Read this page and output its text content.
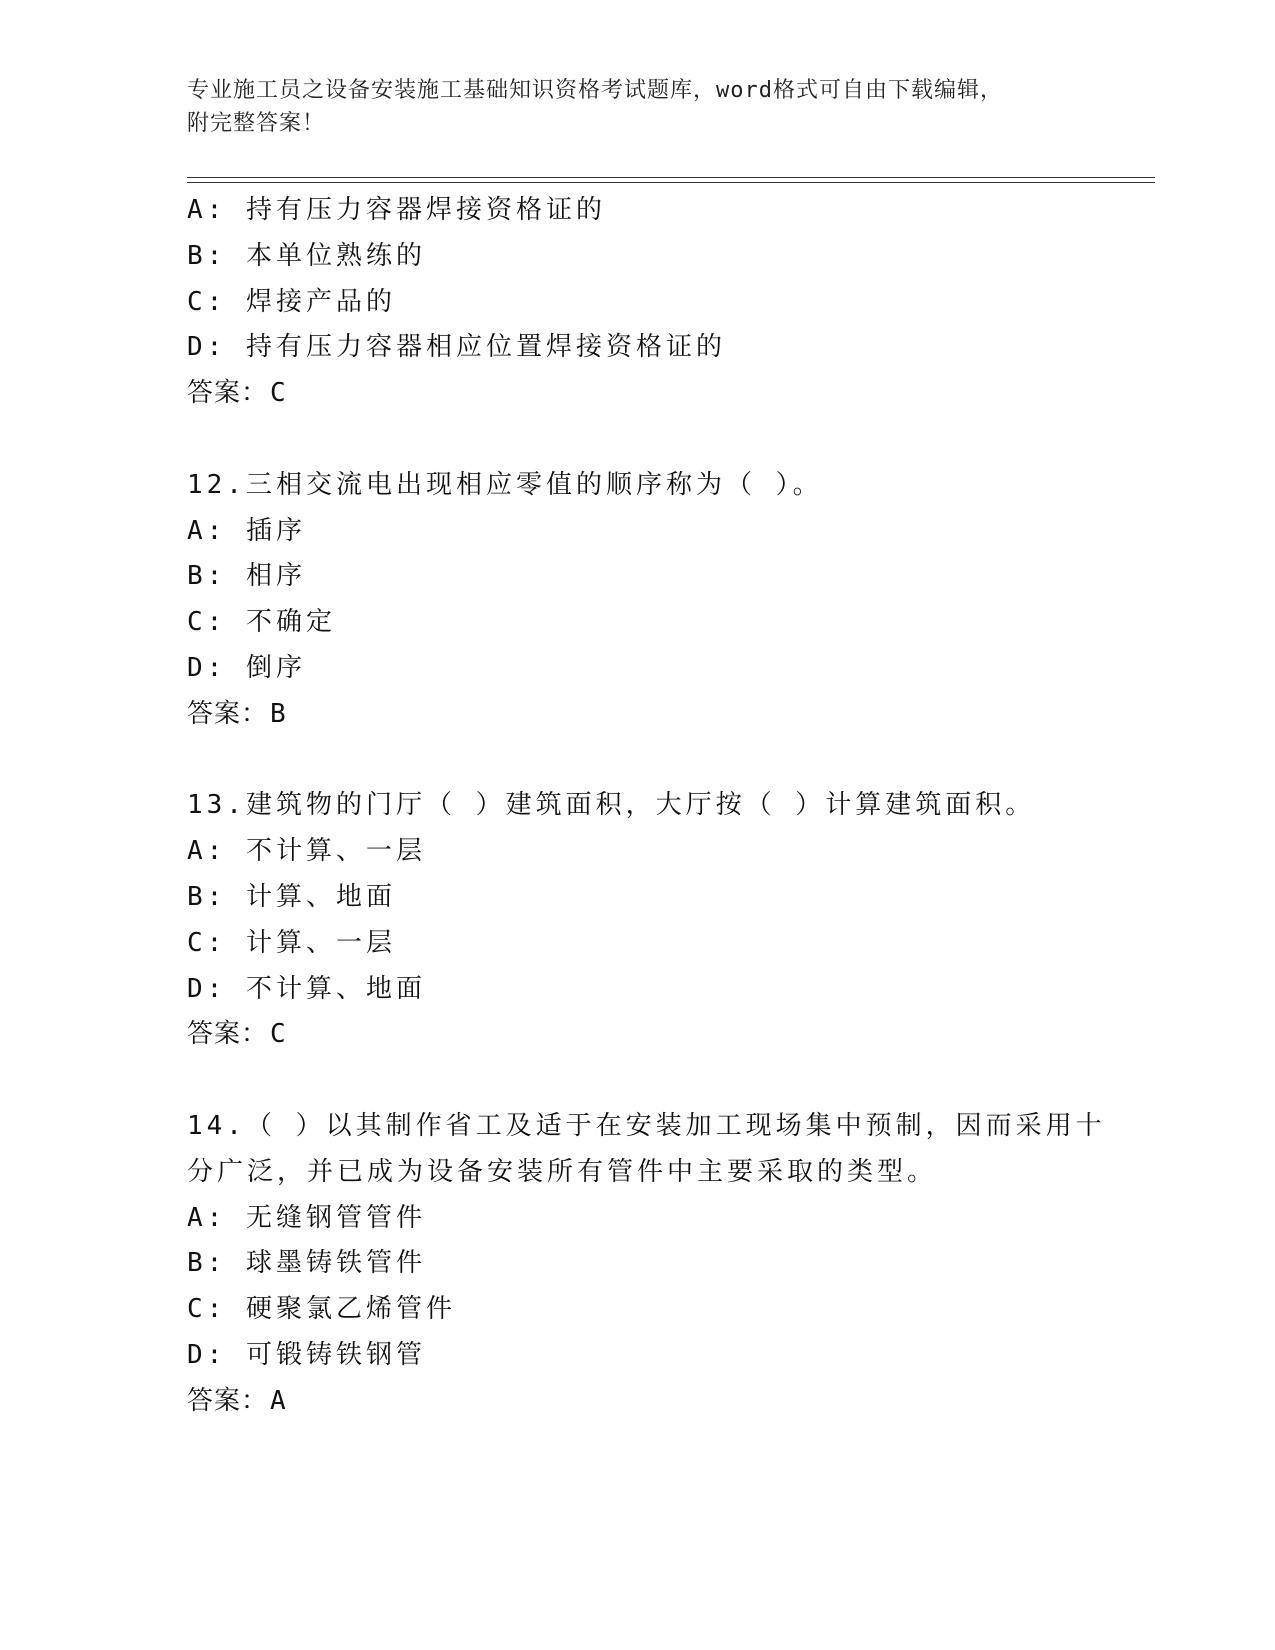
专业施工员之设备安装施工基础知识资格考试题库，word格式可自由下载编辑，
附完整答案！
A: 持有压力容器焊接资格证的
B: 本单位熟练的
C: 焊接产品的
D: 持有压力容器相应位置焊接资格证的
答案：C
12.三相交流电出现相应零值的顺序称为（ ）。
A: 插序
B: 相序
C: 不确定
D: 倒序
答案：B
13.建筑物的门厅（ ）建筑面积，大厅按（ ）计算建筑面积。
A: 不计算、一层
B: 计算、地面
C: 计算、一层
D: 不计算、地面
答案：C
14.（ ）以其制作省工及适于在安装加工现场集中预制，因而采用十
分广泛，并已成为设备安装所有管件中主要采取的类型。
A: 无缝钢管管件
B: 球墨铸铁管件
C: 硬聚氯乙烯管件
D: 可锻铸铁钢管
答案：A
